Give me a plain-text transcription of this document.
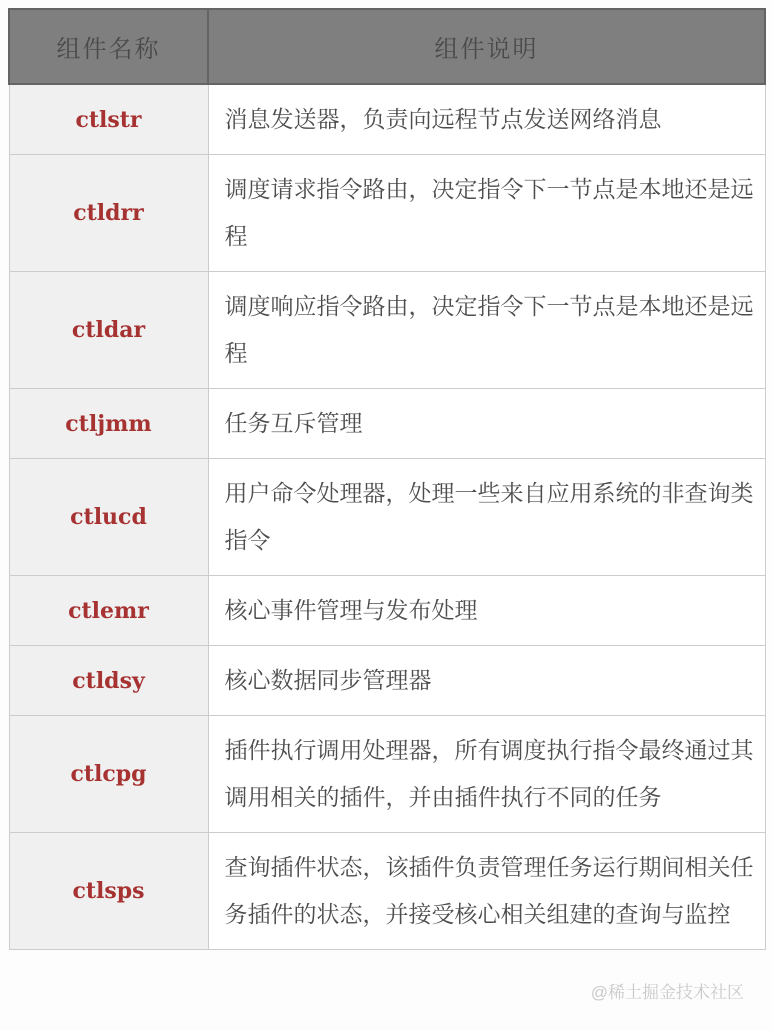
组件名称	组件说明
ctlstr	消息发送器，负责向远程节点发送网络消息
ctldrr	调度请求指令路由，决定指令下一节点是本地还是远程
ctldar	调度响应指令路由，决定指令下一节点是本地还是远程
ctljmm	任务互斥管理
ctlucd	用户命令处理器，处理一些来自应用系统的非查询类指令
ctlemr	核心事件管理与发布处理
ctldsy	核心数据同步管理器
ctlcpg	插件执行调用处理器，所有调度执行指令最终通过其调用相关的插件，并由插件执行不同的任务
ctlsps	查询插件状态，该插件负责管理任务运行期间相关任务插件的状态，并接受核心相关组建的查询与监控
@稀土掘金技术社区
